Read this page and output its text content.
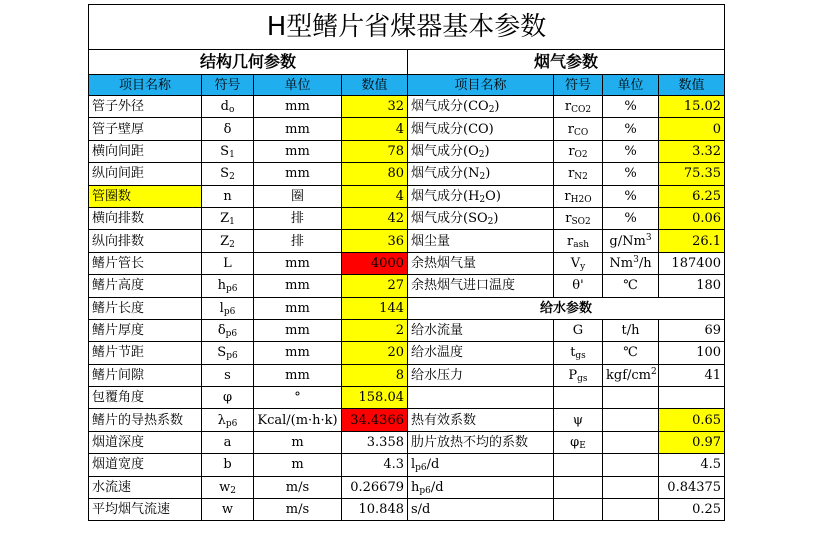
H型鳍片省煤器基本参数							
结构几何参数				烟气参数			
项目名称	符号	单位	数值	项目名称	符号	单位	数值
管子外径	$d_o$	mm	32	烟气成分$(CO_2)$	$r_{CO2}$	%	15.02
管子壁厚	δ	mm	4	烟气成分(CO)	$r_{CO}$	%	0
横向间距	$S_1$	mm	78	烟气成分$(O_2)$	$r_{O2}$	%	3.32
纵向间距	$S_2$	mm	80	烟气成分$(N_2)$	$r_{N2}$	%	75.35
管圈数	n	圈	4	烟气成分$(H_2O)$	$r_{H2O}$	%	6.25
横向排数	$Z_1$	排	42	烟气成分$(SO_2)$	$r_{SO2}$	%	0.06
纵向排数	$Z_2$	排	36	烟尘量	$r_{ash}$	g/Nm$^3$	26.1
鳍片管长	L	mm	4000	余热烟气量	$V_y$	Nm$^3$/h	187400
鳍片高度	$h_{p6}$	mm	27	余热烟气进口温度	θ'	℃	180
鳍片长度	$l_{p6}$	mm	144	给水参数			
鳍片厚度	$\delta_{p6}$	mm	2	给水流量	G	t/h	69
鳍片节距	$S_{p6}$	mm	20	给水温度	$t_{gs}$	℃	100
鳍片间隙	s	mm	8	给水压力	$P_{gs}$	kgf/$cm^2$	41
包覆角度	φ	°	158.04				
鳍片的导热系数	$\lambda_{p6}$	Kcal/(m·h·k)	34.4366	热有效系数	ψ		0.65
烟道深度	a	m	3.358	肋片放热不均的系数	$\varphi_E$		0.97
烟道宽度	b	m	4.3	$l_{p6}/d$			4.5
水流速	$w_2$	m/s	0.26679	$h_{p6}/d$			0.84375
平均烟气流速	w	m/s	10.848	s/d			0.25
